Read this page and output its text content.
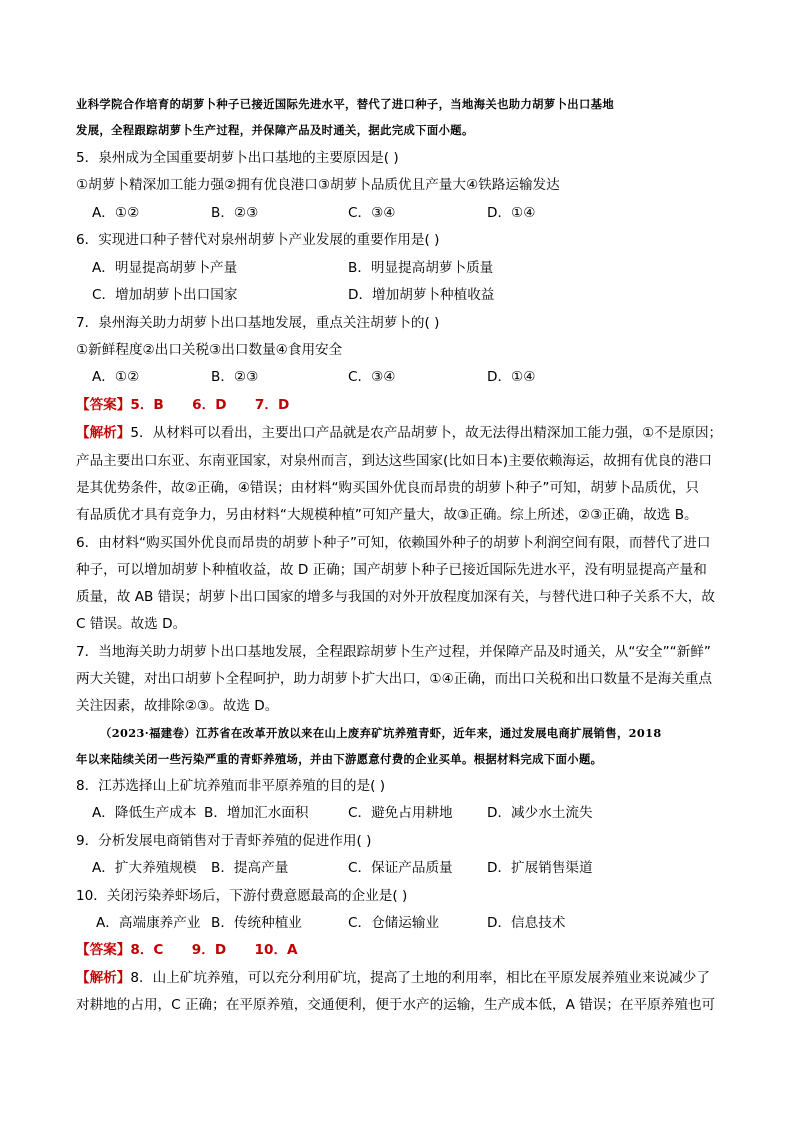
业科学院合作培育的胡萝卜种子已接近国际先进水平，替代了进口种子，当地海关也助力胡萝卜出口基地
发展，全程跟踪胡萝卜生产过程，并保障产品及时通关，据此完成下面小题。
5．泉州成为全国重要胡萝卜出口基地的主要原因是( )
①胡萝卜精深加工能力强②拥有优良港口③胡萝卜品质优且产量大④铁路运输发达
A．①②	B．②③	C．③④	D．①④
6．实现进口种子替代对泉州胡萝卜产业发展的重要作用是( )
A．明显提高胡萝卜产量	B．明显提高胡萝卜质量
C．增加胡萝卜出口国家	D．增加胡萝卜种植收益
7．泉州海关助力胡萝卜出口基地发展，重点关注胡萝卜的( )
①新鲜程度②出口关税③出口数量④食用安全
A．①②	B．②③	C．③④	D．①④
【答案】5．B      6．D      7．D
【解析】5．从材料可以看出，主要出口产品就是农产品胡萝卜，故无法得出精深加工能力强，①不是原因；
产品主要出口东亚、东南亚国家，对泉州而言，到达这些国家(比如日本)主要依赖海运，故拥有优良的港口
是其优势条件，故②正确，④错误；由材料“购买国外优良而昂贵的胡萝卜种子”可知，胡萝卜品质优，只
有品质优才具有竞争力，另由材料“大规模种植”可知产量大，故③正确。综上所述，②③正确，故选 B。
6．由材料“购买国外优良而昂贵的胡萝卜种子”可知，依赖国外种子的胡萝卜利润空间有限，而替代了进口
种子，可以增加胡萝卜种植收益，故 D 正确；国产胡萝卜种子已接近国际先进水平，没有明显提高产量和
质量，故 AB 错误；胡萝卜出口国家的增多与我国的对外开放程度加深有关，与替代进口种子关系不大，故
C 错误。故选 D。
7．当地海关助力胡萝卜出口基地发展，全程跟踪胡萝卜生产过程，并保障产品及时通关，从“安全”“新鲜”
两大关键，对出口胡萝卜全程呵护，助力胡萝卜扩大出口，①④正确，而出口关税和出口数量不是海关重点
关注因素，故排除②③。故选 D。
（2023·福建卷）江苏省在改革开放以来在山上废弃矿坑养殖青虾，近年来，通过发展电商扩展销售，2018
年以来陆续关闭一些污染严重的青虾养殖场，并由下游愿意付费的企业买单。根据材料完成下面小题。
8．江苏选择山上矿坑养殖而非平原养殖的目的是( )
A．降低生产成本 B．增加汇水面积	C．避免占用耕地	D．减少水土流失
9．分析发展电商销售对于青虾养殖的促进作用( )
A．扩大养殖规模 B．提高产量	C．保证产品质量	D．扩展销售渠道
10．关闭污染养虾场后，下游付费意愿最高的企业是( )
A．高端康养产业 B．传统种植业	C．仓储运输业	D．信息技术
【答案】8．C      9．D      10．A
【解析】8．山上矿坑养殖，可以充分利用矿坑，提高了土地的利用率，相比在平原发展养殖业来说减少了
对耕地的占用，C 正确；在平原养殖，交通便利，便于水产的运输，生产成本低，A 错误；在平原养殖也可
